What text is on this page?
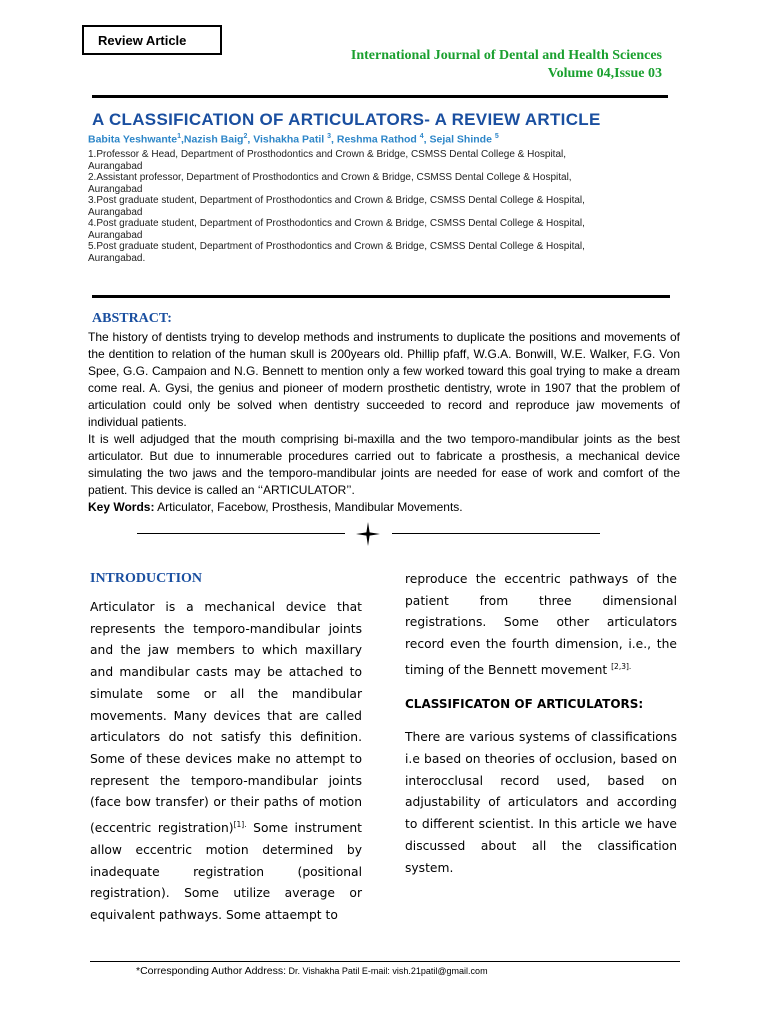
Review Article
International Journal of Dental and Health Sciences
Volume 04,Issue 03
A CLASSIFICATION OF ARTICULATORS- A REVIEW ARTICLE
Babita Yeshwante$^1$,Nazish Baig$^2$, Vishakha Patil $^3$, Reshma Rathod $^4$, Sejal Shinde $^5$
1.Professor & Head, Department of Prosthodontics and Crown & Bridge, CSMSS Dental College & Hospital,
Aurangabad
2.Assistant professor, Department of Prosthodontics and Crown & Bridge, CSMSS Dental College & Hospital,
Aurangabad
3.Post graduate student, Department of Prosthodontics and Crown & Bridge, CSMSS Dental College & Hospital,
Aurangabad
4.Post graduate student, Department of Prosthodontics and Crown & Bridge, CSMSS Dental College & Hospital,
Aurangabad
5.Post graduate student, Department of Prosthodontics and Crown & Bridge, CSMSS Dental College & Hospital,
Aurangabad.
ABSTRACT:

The history of dentists trying to develop methods and instruments to duplicate the positions and movements of the dentition to relation of the human skull is 200years old. Phillip pfaff, W.G.A. Bonwill, W.E. Walker, F.G. Von Spee, G.G. Campaion and N.G. Bennett to mention only a few worked toward this goal trying to make a dream come real. A. Gysi, the genius and pioneer of modern prosthetic dentistry, wrote in 1907 that the problem of articulation could only be solved when dentistry succeeded to record and reproduce jaw movements of individual patients.

It is well adjudged that the mouth comprising bi-maxilla and the two temporo-mandibular joints as the best articulator. But due to innumerable procedures carried out to fabricate a prosthesis, a mechanical device simulating the two jaws and the temporo-mandibular joints are needed for ease of work and comfort of the patient. This device is called an ‘‘ARTICULATOR’’.

Key Words: Articulator, Facebow, Prosthesis, Mandibular Movements.

INTRODUCTION

Articulator is a mechanical device that represents the temporo-mandibular joints and the jaw members to which maxillary and mandibular casts may be attached to simulate some or all the mandibular movements. Many devices that are called articulators do not satisfy this definition. Some of these devices make no attempt to represent the temporo-mandibular joints (face bow transfer) or their paths of motion (eccentric registration)$^{[1].}$ Some instrument allow eccentric motion determined by inadequate registration (positional registration). Some utilize average or equivalent pathways. Some attaempt to

reproduce the eccentric pathways of the patient from three dimensional registrations. Some other articulators record even the fourth dimension, i.e., the timing of the Bennett movement $^{[2,3].}$

CLASSIFICATON OF ARTICULATORS:

There are various systems of classifications i.e based on theories of occlusion, based on interocclusal record used, based on adjustability of articulators and according to different scientist. In this article we have discussed about all the classification system.

*Corresponding Author Address: Dr. Vishakha Patil E-mail: vish.21patil@gmail.com
